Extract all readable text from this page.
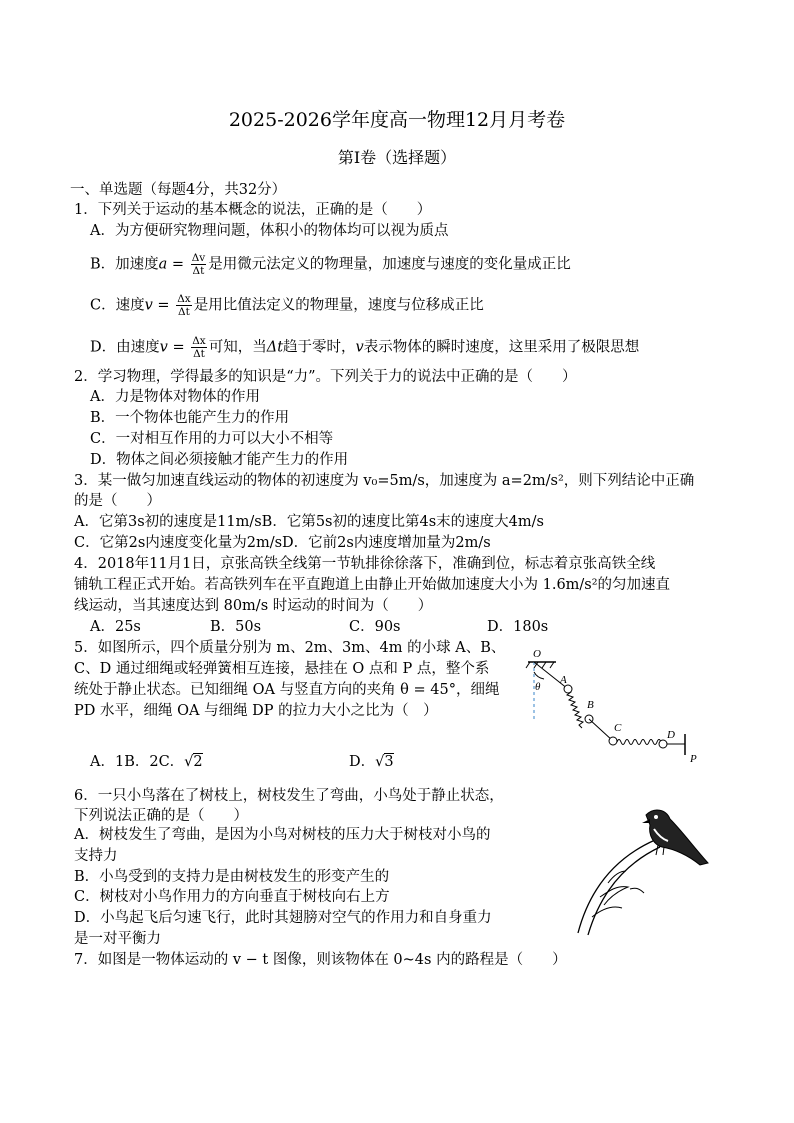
2025-2026学年度高一物理12月月考卷
第Ⅰ卷（选择题）
一、单选题（每题4分，共32分）
1．下列关于运动的基本概念的说法，正确的是（　　）
A．为方便研究物理问题，体积小的物体均可以视为质点
B．加速度$a = \frac{\Delta v}{\Delta t}$ 是用微元法定义的物理量，加速度与速度的变化量成正比
C．速度$v = \frac{\Delta x}{\Delta t}$ 是用比值法定义的物理量，速度与位移成正比
D．由速度$v = \frac{\Delta x}{\Delta t}$ 可知，当Δt趋于零时，v表示物体的瞬时速度，这里采用了极限思想
2．学习物理，学得最多的知识是“力”。下列关于力的说法中正确的是（　　）
A．力是物体对物体的作用
B．一个物体也能产生力的作用
C．一对相互作用的力可以大小不相等
D．物体之间必须接触才能产生力的作用
3．某一做匀加速直线运动的物体的初速度为 v₀=5m/s，加速度为 a=2m/s²，则下列结论中正确
的是（　　）
A．它第3s初的速度是11m/sB．它第5s初的速度比第4s末的速度大4m/s
C．它第2s内速度变化量为2m/sD．它前2s内速度增加量为2m/s
4．2018年11月1日，京张高铁全线第一节轨排徐徐落下，准确到位，标志着京张高铁全线
铺轨工程正式开始。若高铁列车在平直跑道上由静止开始做加速度大小为 1.6m/s²的匀加速直
线运动，当其速度达到 80m/s 时运动的时间为（　　）
A．25s	B．50s	C．90s	D．180s
5．如图所示，四个质量分别为 m、2m、3m、4m 的小球 A、B、
C、D 通过细绳或轻弹簧相互连接，悬挂在 O 点和 P 点，整个系
统处于静止状态。已知细绳 OA 与竖直方向的夹角 θ = 45°，细绳
PD 水平，细绳 OA 与细绳 DP 的拉力大小之比为（　）
A．1B．2C．√2	D．√3
O
θ
A
B
C
D
P
6．一只小鸟落在了树枝上，树枝发生了弯曲，小鸟处于静止状态，
下列说法正确的是（　　）
A．树枝发生了弯曲，是因为小鸟对树枝的压力大于树枝对小鸟的
支持力
B．小鸟受到的支持力是由树枝发生的形变产生的
C．树枝对小鸟作用力的方向垂直于树枝向右上方
D．小鸟起飞后匀速飞行，此时其翅膀对空气的作用力和自身重力
是一对平衡力
7．如图是一物体运动的 v − t 图像，则该物体在 0~4s 内的路程是（　　）
